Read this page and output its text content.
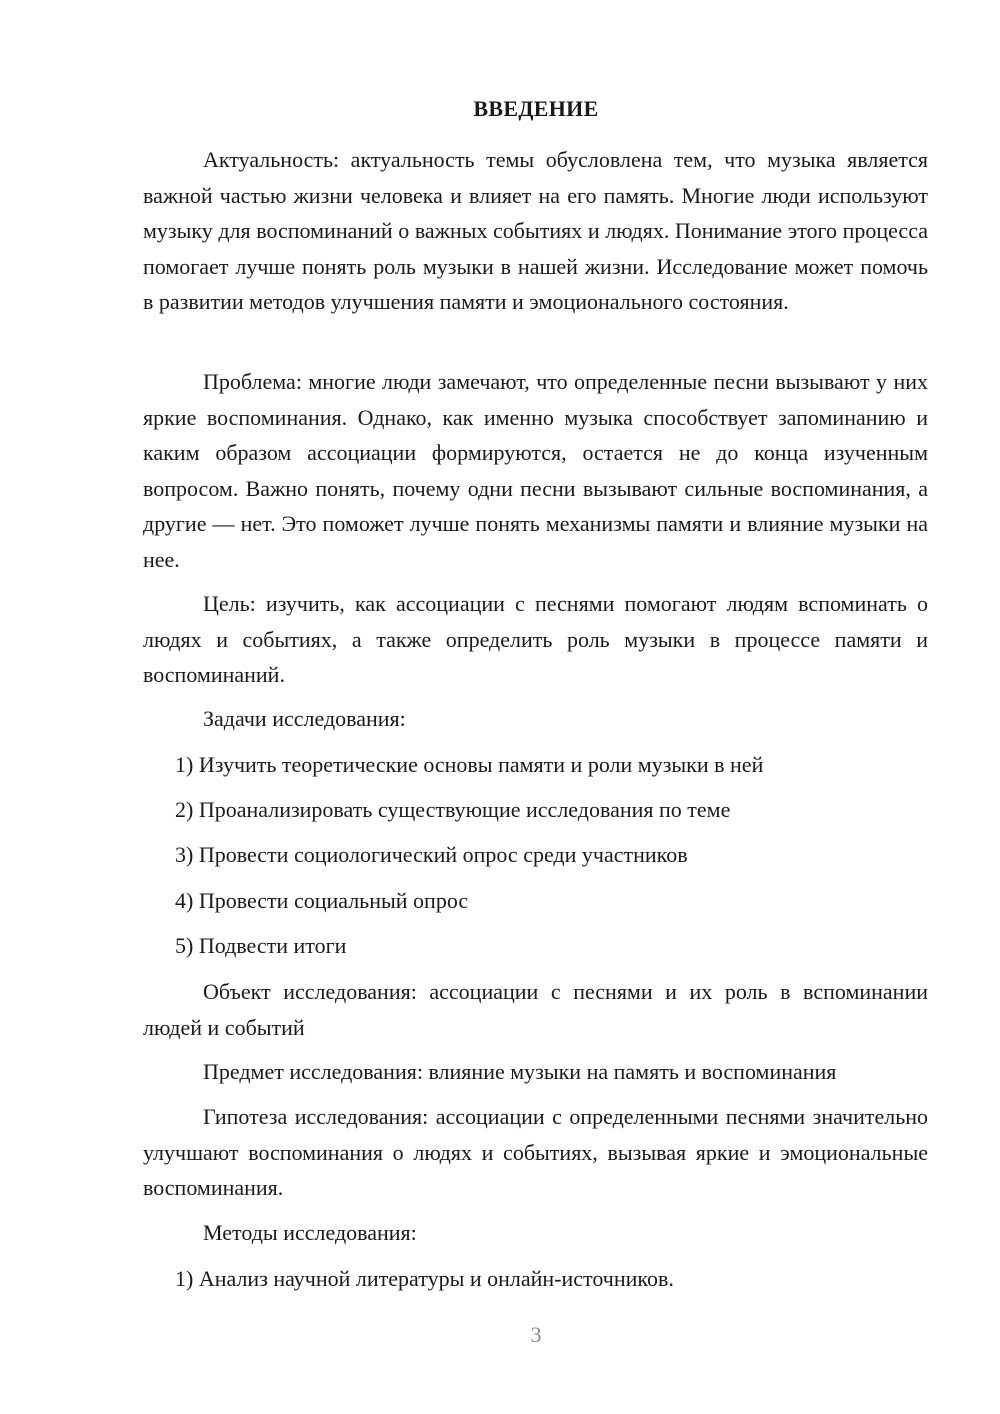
ВВЕДЕНИЕ

Актуальность: актуальность темы обусловлена тем, что музыка является важной частью жизни человека и влияет на его память. Многие люди используют музыку для воспоминаний о важных событиях и людях. Понимание этого процесса помогает лучше понять роль музыки в нашей жизни. Исследование может помочь в развитии методов улучшения памяти и эмоционального состояния.

Проблема: многие люди замечают, что определенные песни вызывают у них яркие воспоминания. Однако, как именно музыка способствует запоминанию и каким образом ассоциации формируются, остается не до конца изученным вопросом. Важно понять, почему одни песни вызывают сильные воспоминания, а другие — нет. Это поможет лучше понять механизмы памяти и влияние музыки на нее.

Цель: изучить, как ассоциации с песнями помогают людям вспоминать о людях и событиях, а также определить роль музыки в процессе памяти и воспоминаний.

Задачи исследования:

1) Изучить теоретические основы памяти и роли музыки в ней
2) Проанализировать существующие исследования по теме
3) Провести социологический опрос среди участников
4) Провести социальный опрос
5) Подвести итоги

Объект исследования: ассоциации с песнями и их роль в вспоминании людей и событий

Предмет исследования: влияние музыки на память и воспоминания

Гипотеза исследования: ассоциации с определенными песнями значительно улучшают воспоминания о людях и событиях, вызывая яркие и эмоциональные воспоминания.

Методы исследования:

1) Анализ научной литературы и онлайн-источников.
3
